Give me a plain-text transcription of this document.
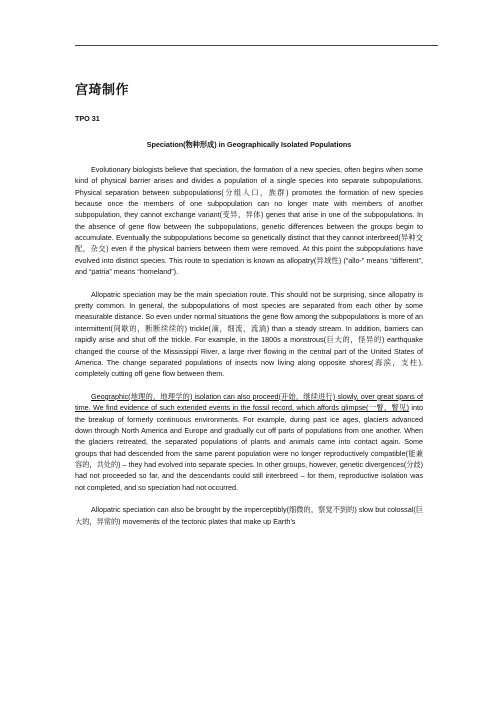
宫琦制作
TPO 31
Speciation(物种形成) in Geographically Isolated Populations

Evolutionary biologists believe that speciation, the formation of a new species, often begins when some kind of physical barrier arises and divides a population of a single species into separate subpopulations. Physical separation between subpopulations(分组人口，族群) promotes the formation of new species because once the members of one subpopulation can no longer mate with members of another subpopulation, they cannot exchange variant(变异，异体) genes that arise in one of the subpopulations. In the absence of gene flow between the subpopulations, genetic differences between the groups begin to accumulate. Eventually the subpopulations become so genetically distinct that they cannot interbreed(异种交配，杂交) even if the physical barriers between them were removed. At this point the subpopulations have evolved into distinct species. This route to speciation is known as allopatry(异域性) (“allo-” means “different”, and “patria” means “homeland”).

Allopatric speciation may be the main speciation route. This should not be surprising, since allopatry is pretty common. In general, the subpopulations of most species are separated from each other by some measurable distance. So even under normal situations the gene flow among the subpopulations is more of an intermittent(间歇的，断断续续的) trickle(滴，细流，流淌) than a steady stream. In addition, barriers can rapidly arise and shut off the trickle. For example, in the 1800s a monstrous(巨大的，怪异的) earthquake changed the course of the Mississippi River, a large river flowing in the central part of the United States of America. The change separated populations of insects now living along opposite shores(海滨，支柱), completely cutting off gene flow between them.

Geographic(地理的，地理学的) isolation can also proceed(开始，继续进行) slowly, over great spans of time. We find evidence of such extended events in the fossil record, which affords glimpse(一瞥，瞥见) into the breakup of formerly continuous environments. For example, during past ice ages, glaciers advanced down through North America and Europe and gradually cut off parts of populations from one another. When the glaciers retreated, the separated populations of plants and animals came into contact again. Some groups that had descended from the same parent population were no longer reproductively compatible(能兼容的，共处的) – they had evolved into separate species. In other groups, however, genetic divergences(分歧) had not proceeded so far, and the descendants could still interbreed – for them, reproductive isolation was not completed, and so speciation had not occurred.

Allopatric speciation can also be brought by the imperceptibly(细微的，察觉不到的) slow but colossal(巨大的，异常的) movements of the tectonic plates that make up Earth’s
